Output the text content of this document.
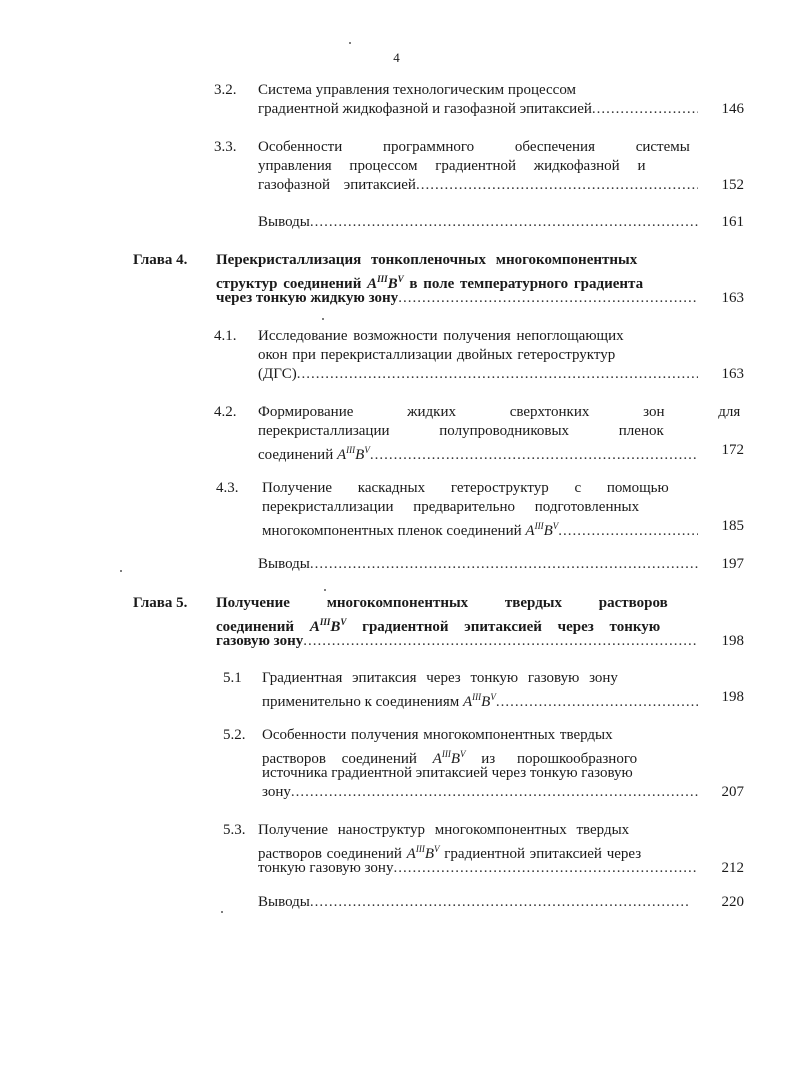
4
3.2. Система управления технологическим процессом
градиентной жидкофазной и газофазной эпитаксией .....	146
3.3. Особенности программного обеспечения системы
управления процессом градиентной жидкофазной и
газофазной эпитаксией .....	152
Выводы .....	161
Глава 4. Перекристаллизация тонкопленочных многокомпонентных
структур соединений $A^{III}B^V$ в поле температурного градиента
через тонкую жидкую зону .....	163
4.1. Исследование возможности получения непоглощающих
окон при перекристаллизации двойных гетероструктур
(ДГС) .....	163
4.2. Формирование жидких сверхтонких зон для
перекристаллизации полупроводниковых пленок
соединений $A^{III}B^V$ .....	172
4.3. Получение каскадных гетероструктур с помощью
перекристаллизации предварительно подготовленных
многокомпонентных пленок соединений $A^{III}B^V$ .....	185
Выводы .....	197
Глава 5. Получение многокомпонентных твердых растворов
соединений $A^{III}B^V$ градиентной эпитаксией через тонкую
газовую зону .....	198
5.1 Градиентная эпитаксия через тонкую газовую зону
применительно к соединениям $A^{III}B^V$ .....	198
5.2. Особенности получения многокомпонентных твердых
растворов соединений $A^{III}B^V$ из порошкообразного
источника градиентной эпитаксией через тонкую газовую
зону .....	207
5.3. Получение наноструктур многокомпонентных твердых
растворов соединений $A^{III}B^V$ градиентной эпитаксией через
тонкую газовую зону .....	212
Выводы .....	220
